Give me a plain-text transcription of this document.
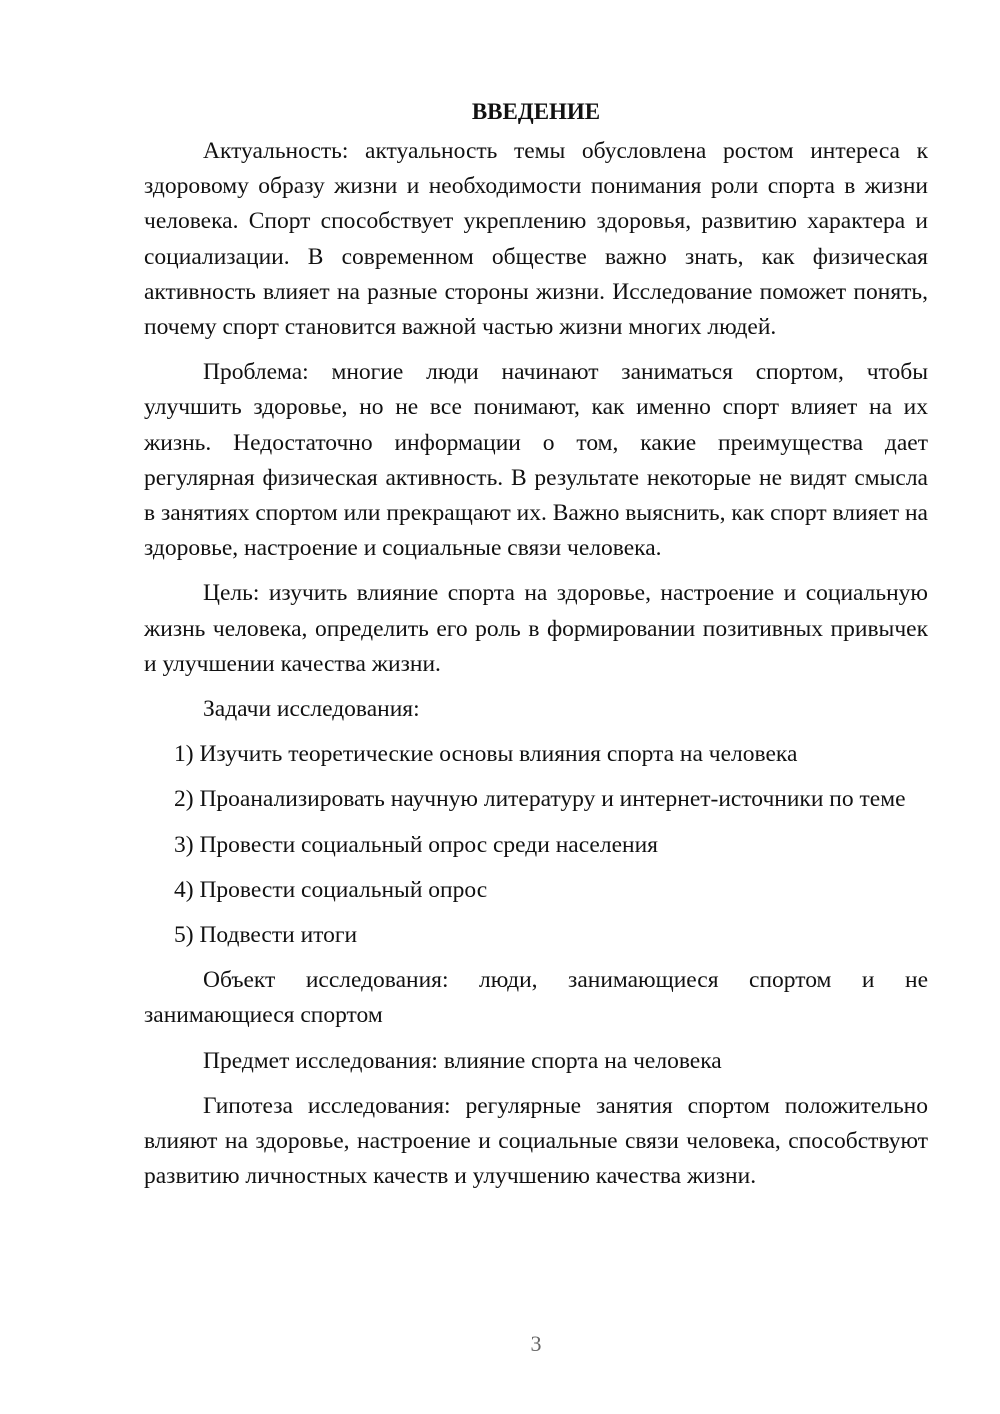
ВВЕДЕНИЕ

Актуальность: актуальность темы обусловлена ростом интереса к здоровому образу жизни и необходимости понимания роли спорта в жизни человека. Спорт способствует укреплению здоровья, развитию характера и социализации. В современном обществе важно знать, как физическая активность влияет на разные стороны жизни. Исследование поможет понять, почему спорт становится важной частью жизни многих людей.

Проблема: многие люди начинают заниматься спортом, чтобы улучшить здоровье, но не все понимают, как именно спорт влияет на их жизнь. Недостаточно информации о том, какие преимущества дает регулярная физическая активность. В результате некоторые не видят смысла в занятиях спортом или прекращают их. Важно выяснить, как спорт влияет на здоровье, настроение и социальные связи человека.

Цель: изучить влияние спорта на здоровье, настроение и социальную жизнь человека, определить его роль в формировании позитивных привычек и улучшении качества жизни.

Задачи исследования:

1) Изучить теоретические основы влияния спорта на человека

2) Проанализировать научную литературу и интернет-источники по теме

3) Провести социальный опрос среди населения

4) Провести социальный опрос

5) Подвести итоги

Объект исследования: люди, занимающиеся спортом и не занимающиеся спортом

Предмет исследования: влияние спорта на человека

Гипотеза исследования: регулярные занятия спортом положительно влияют на здоровье, настроение и социальные связи человека, способствуют развитию личностных качеств и улучшению качества жизни.

3
